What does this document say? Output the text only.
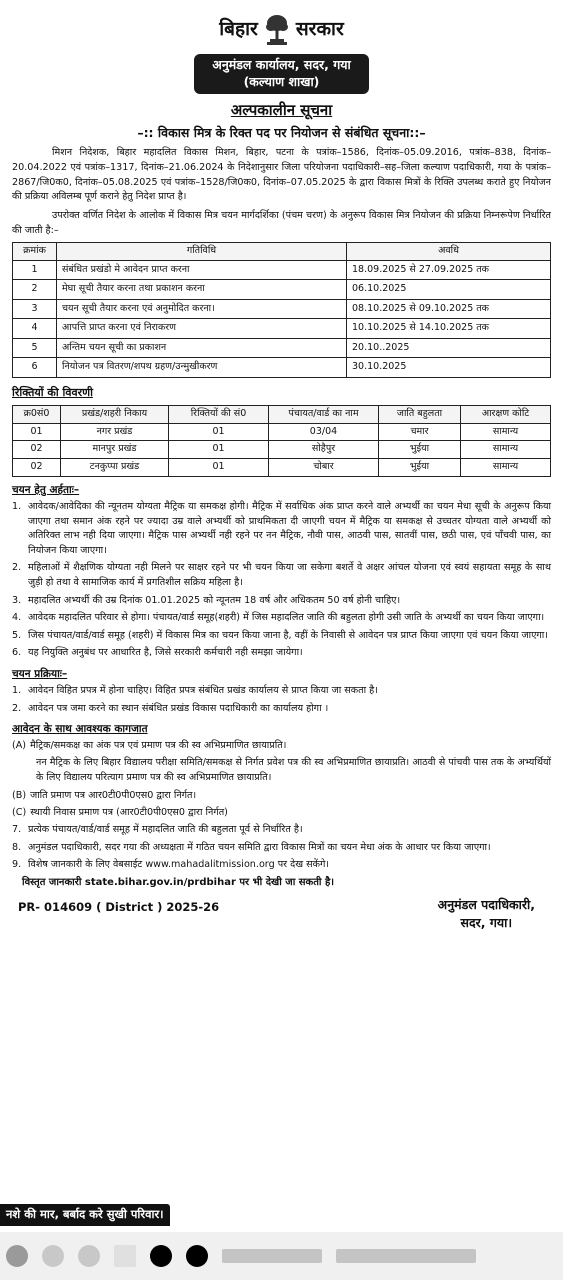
बिहार सरकार
अनुमंडल कार्यालय, सदर, गया
(कल्याण शाखा)
अल्पकालीन सूचना
–:: विकास मित्र के रिक्त पद पर नियोजन से संबंधित सूचना::–
मिशन निदेशक, बिहार महादलित विकास मिशन, बिहार, पटना के पत्रांक–1586, दिनांक–05.09.2016, पत्रांक–838, दिनांक–20.04.2022 एवं पत्रांक–1317, दिनांक–21.06.2024 के निदेशानुसार जिला परियोजना पदाधिकारी–सह–जिला कल्याण पदाधिकारी, गया के पत्रांक–2867/जि0क0, दिनांक–05.08.2025 एवं पत्रांक–1528/जि0क0, दिनांक–07.05.2025 के द्वारा विकास मित्रों के रिक्ति उपलब्ध कराते हुए नियोजन की प्रक्रिया अविलम्ब पूर्ण कराने हेतु निदेश प्राप्त है।
उपरोक्त वर्णित निदेश के आलोक में विकास मित्र चयन मार्गदर्शिका (पंचम चरण) के अनुरूप विकास मित्र नियोजन की प्रक्रिया निम्नरूपेण निर्धारित की जाती है:–
क्रमांक	गतिविधि	अवधि
1	संबंधित प्रखंडो मे आवेदन प्राप्त करना	18.09.2025 से 27.09.2025 तक
2	मेघा सूची तैयार करना तथा प्रकाशन करना	06.10.2025
3	चयन सूची तैयार करना एवं अनुमोदित करना।	08.10.2025 से 09.10.2025 तक
4	आपत्ति प्राप्त करना एवं निराकरण	10.10.2025 से 14.10.2025 तक
5	अन्तिम चयन सूची का प्रकाशन	20.10..2025
6	नियोजन पत्र वितरण/शपथ ग्रहण/उन्मुखीकरण	30.10.2025
रिक्तियों की विवरणी
क्र0सं0	प्रखंड/शहरी निकाय	रिक्तियों की सं0	पंचायत/वार्ड का नाम	जाति बहुलता	आरक्षण कोटि
01	नगर प्रखंड	01	03/04	चमार	सामान्य
02	मानपुर प्रखंड	01	सोहैपुर	भुईया	सामान्य
02	टनकुप्पा प्रखंड	01	चोबार	भुईया	सामान्य
चयन हेतु अर्हताः–
1. आवेदक/आवेदिका की न्यूनतम योग्यता मैट्रिक या समकक्ष होगी। मैट्रिक में सर्वाधिक अंक प्राप्त करने वाले अभ्यर्थी का चयन मेधा सूची के अनुरूप किया जाएगा तथा समान अंक रहने पर ज्यादा उम्र वाले अभ्यर्थी को प्राथमिकता दी जाएगी चयन में मैट्रिक या समकक्ष से उच्चतर योग्यता वाले अभ्यर्थी को अतिरिक्त लाभ नही दिया जाएगा। मैट्रिक पास अभ्यर्थी नही रहने पर नन मैट्रिक, नौवी पास, आठवी पास, सातवीं पास, छठी पास, एवं पाँचवी पास, का नियोजन किया जाएगा।
2. महिलाओं में शैक्षणिक योग्यता नही मिलने पर साक्षर रहने पर भी चयन किया जा सकेगा बशर्ते वे अक्षर आंचल योजना एवं स्वयं सहायता समूह के साथ जुड़ी हो तथा वे सामाजिक कार्य में प्रगतिशील सक्रिय महिला है।
3. महादलित अभ्यर्थी की उम्र दिनांक 01.01.2025 को न्यूनतम 18 वर्ष और अधिकतम 50 वर्ष होनी चाहिए।
4. आवेदक महादलित परिवार से होगा। पंचायत/वार्ड समूह(शहरी) में जिस महादलित जाति की बहुलता होगी उसी जाति के अभ्यर्थी का चयन किया जाएगा।
5. जिस पंचायत/वार्ड/वार्ड समूह (शहरी) में विकास मित्र का चयन किया जाना है, वहीं के निवासी से आवेदन पत्र प्राप्त किया जाएगा एवं चयन किया जाएगा।
6. यह नियुक्ति अनुबंध पर आधारित है, जिसे सरकारी कर्मचारी नही समझा जायेगा।
चयन प्रक्रियाः–
1. आवेदन विहित प्रपत्र में होना चाहिए। विहित प्रपत्र संबंधित प्रखंड कार्यालय से प्राप्त किया जा सकता है।
2. आवेदन पत्र जमा करने का स्थान संबंधित प्रखंड विकास पदाधिकारी का कार्यालय होगा ।
आवेदन के साथ आवश्यक कागजात
(A) मैट्रिक/समकक्ष का अंक पत्र एवं प्रमाण पत्र की स्व अभिप्रमाणित छायाप्रति।
नन मैट्रिक के लिए बिहार विद्यालय परीक्षा समिति/समकक्ष से निर्गत प्रवेश पत्र की स्व अभिप्रमाणित छायाप्रति। आठवी से पांचवी पास तक के अभ्यर्थियों के लिए विद्यालय परित्याग प्रमाण पत्र की स्व अभिप्रमाणित छायाप्रति।
(B) जाति प्रमाण पत्र आर0टी0पी0एस0 द्वारा निर्गत।
(C) स्थायी निवास प्रमाण पत्र (आर0टी0पी0एस0 द्वारा निर्गत)
7. प्रत्येक पंचायत/वार्ड/वार्ड समूह में महादलित जाति की बहुलता पूर्व से निर्धारित है।
8. अनुमंडल पदाधिकारी, सदर गया की अध्यक्षता में गठित चयन समिति द्वारा विकास मित्रों का चयन मेधा अंक के आधार पर किया जाएगा।
9. विशेष जानकारी के लिए वेबसाईट www.mahadalitmission.org पर देख सकेंगे।
विस्तृत जानकारी state.bihar.gov.in/prdbihar पर भी देखी जा सकती है।
PR- 014609 ( District ) 2025-26	अनुमंडल पदाधिकारी,
सदर, गया।
नशे की मार, बर्बाद करे सुखी परिवार।
